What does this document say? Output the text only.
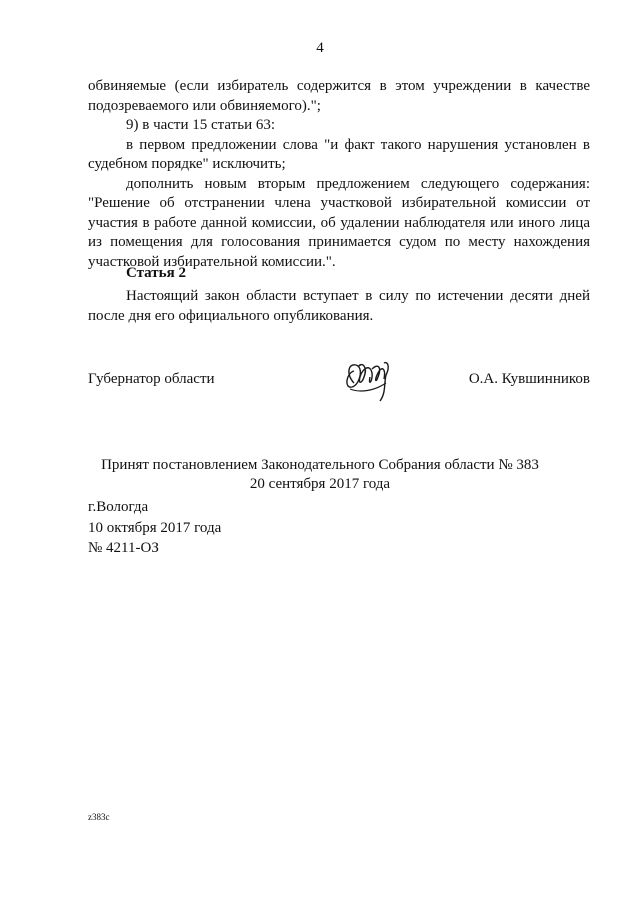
4

обвиняемые (если избиратель содержится в этом учреждении в качестве подозреваемого или обвиняемого).";

9) в части 15 статьи 63:

в первом предложении слова "и факт такого нарушения установлен в судебном порядке" исключить;

дополнить новым вторым предложением следующего содержания: "Решение об отстранении члена участковой избирательной комиссии от участия в работе данной комиссии, об удалении наблюдателя или иного лица из помещения для голосования принимается судом по месту нахождения участковой избирательной комиссии.".

Статья 2

Настоящий закон области вступает в силу по истечении десяти дней после дня его официального опубликования.

Губернатор области	О.А. Кувшинников
Принят постановлением Законодательного Собрания области № 383
20 сентября 2017 года
г.Вологда
10 октября 2017 года
№ 4211-ОЗ
z383c
